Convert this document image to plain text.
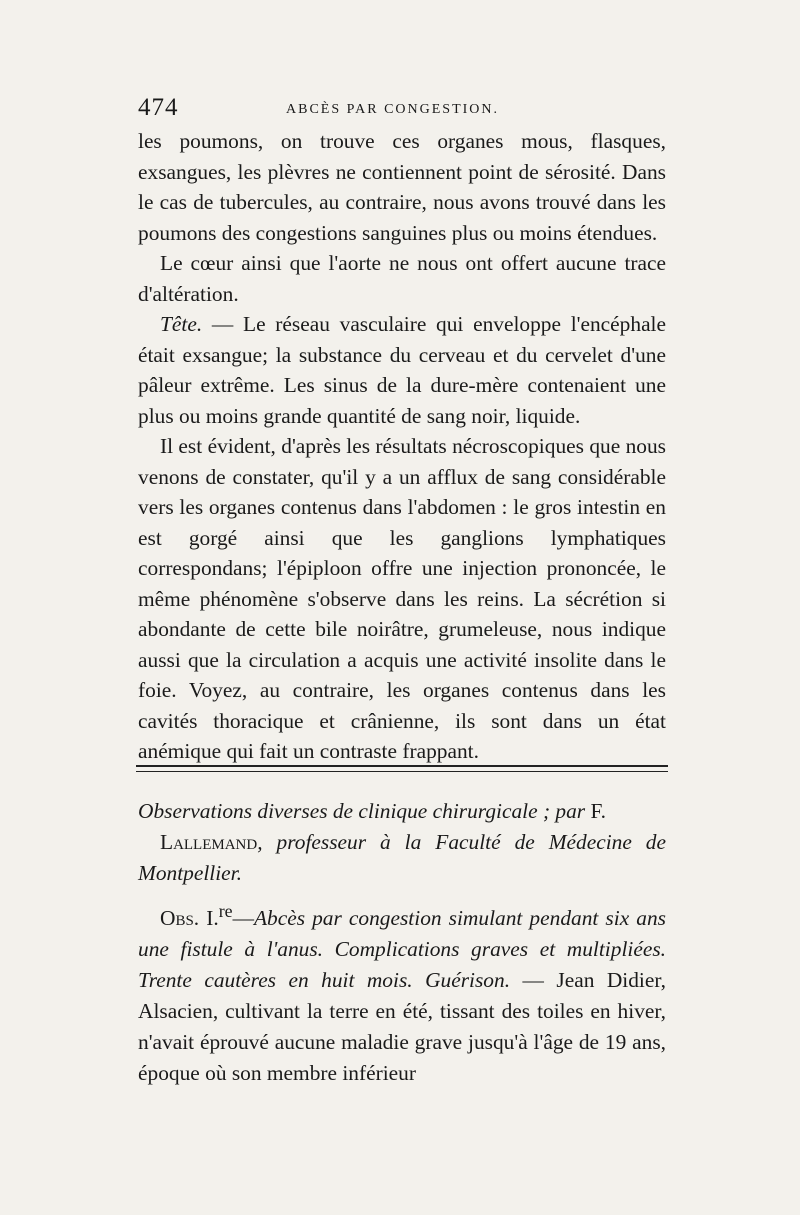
474	ABCÈS PAR CONGESTION.

les poumons, on trouve ces organes mous, flasques, exsangues, les plèvres ne contiennent point de sérosité. Dans le cas de tubercules, au contraire, nous avons trouvé dans les poumons des congestions sanguines plus ou moins étendues.

Le cœur ainsi que l'aorte ne nous ont offert aucune trace d'altération.

Tête. — Le réseau vasculaire qui enveloppe l'encéphale était exsangue; la substance du cerveau et du cervelet d'une pâleur extrême. Les sinus de la dure-mère contenaient une plus ou moins grande quantité de sang noir, liquide.

Il est évident, d'après les résultats nécroscopiques que nous venons de constater, qu'il y a un afflux de sang considérable vers les organes contenus dans l'abdomen : le gros intestin en est gorgé ainsi que les ganglions lymphatiques correspondans; l'épiploon offre une injection prononcée, le même phénomène s'observe dans les reins. La sécrétion si abondante de cette bile noirâtre, grumeleuse, nous indique aussi que la circulation a acquis une activité insolite dans le foie. Voyez, au contraire, les organes contenus dans les cavités thoracique et crânienne, ils sont dans un état anémique qui fait un contraste frappant.

Observations diverses de clinique chirurgicale ; par F.
Lallemand, professeur à la Faculté de Médecine de Montpellier.
Obs. I.$^{re}$—Abcès par congestion simulant pendant six ans une fistule à l'anus. Complications graves et multipliées. Trente cautères en huit mois. Guérison. — Jean Didier, Alsacien, cultivant la terre en été, tissant des toiles en hiver, n'avait éprouvé aucune maladie grave jusqu'à l'âge de 19 ans, époque où son membre inférieur
